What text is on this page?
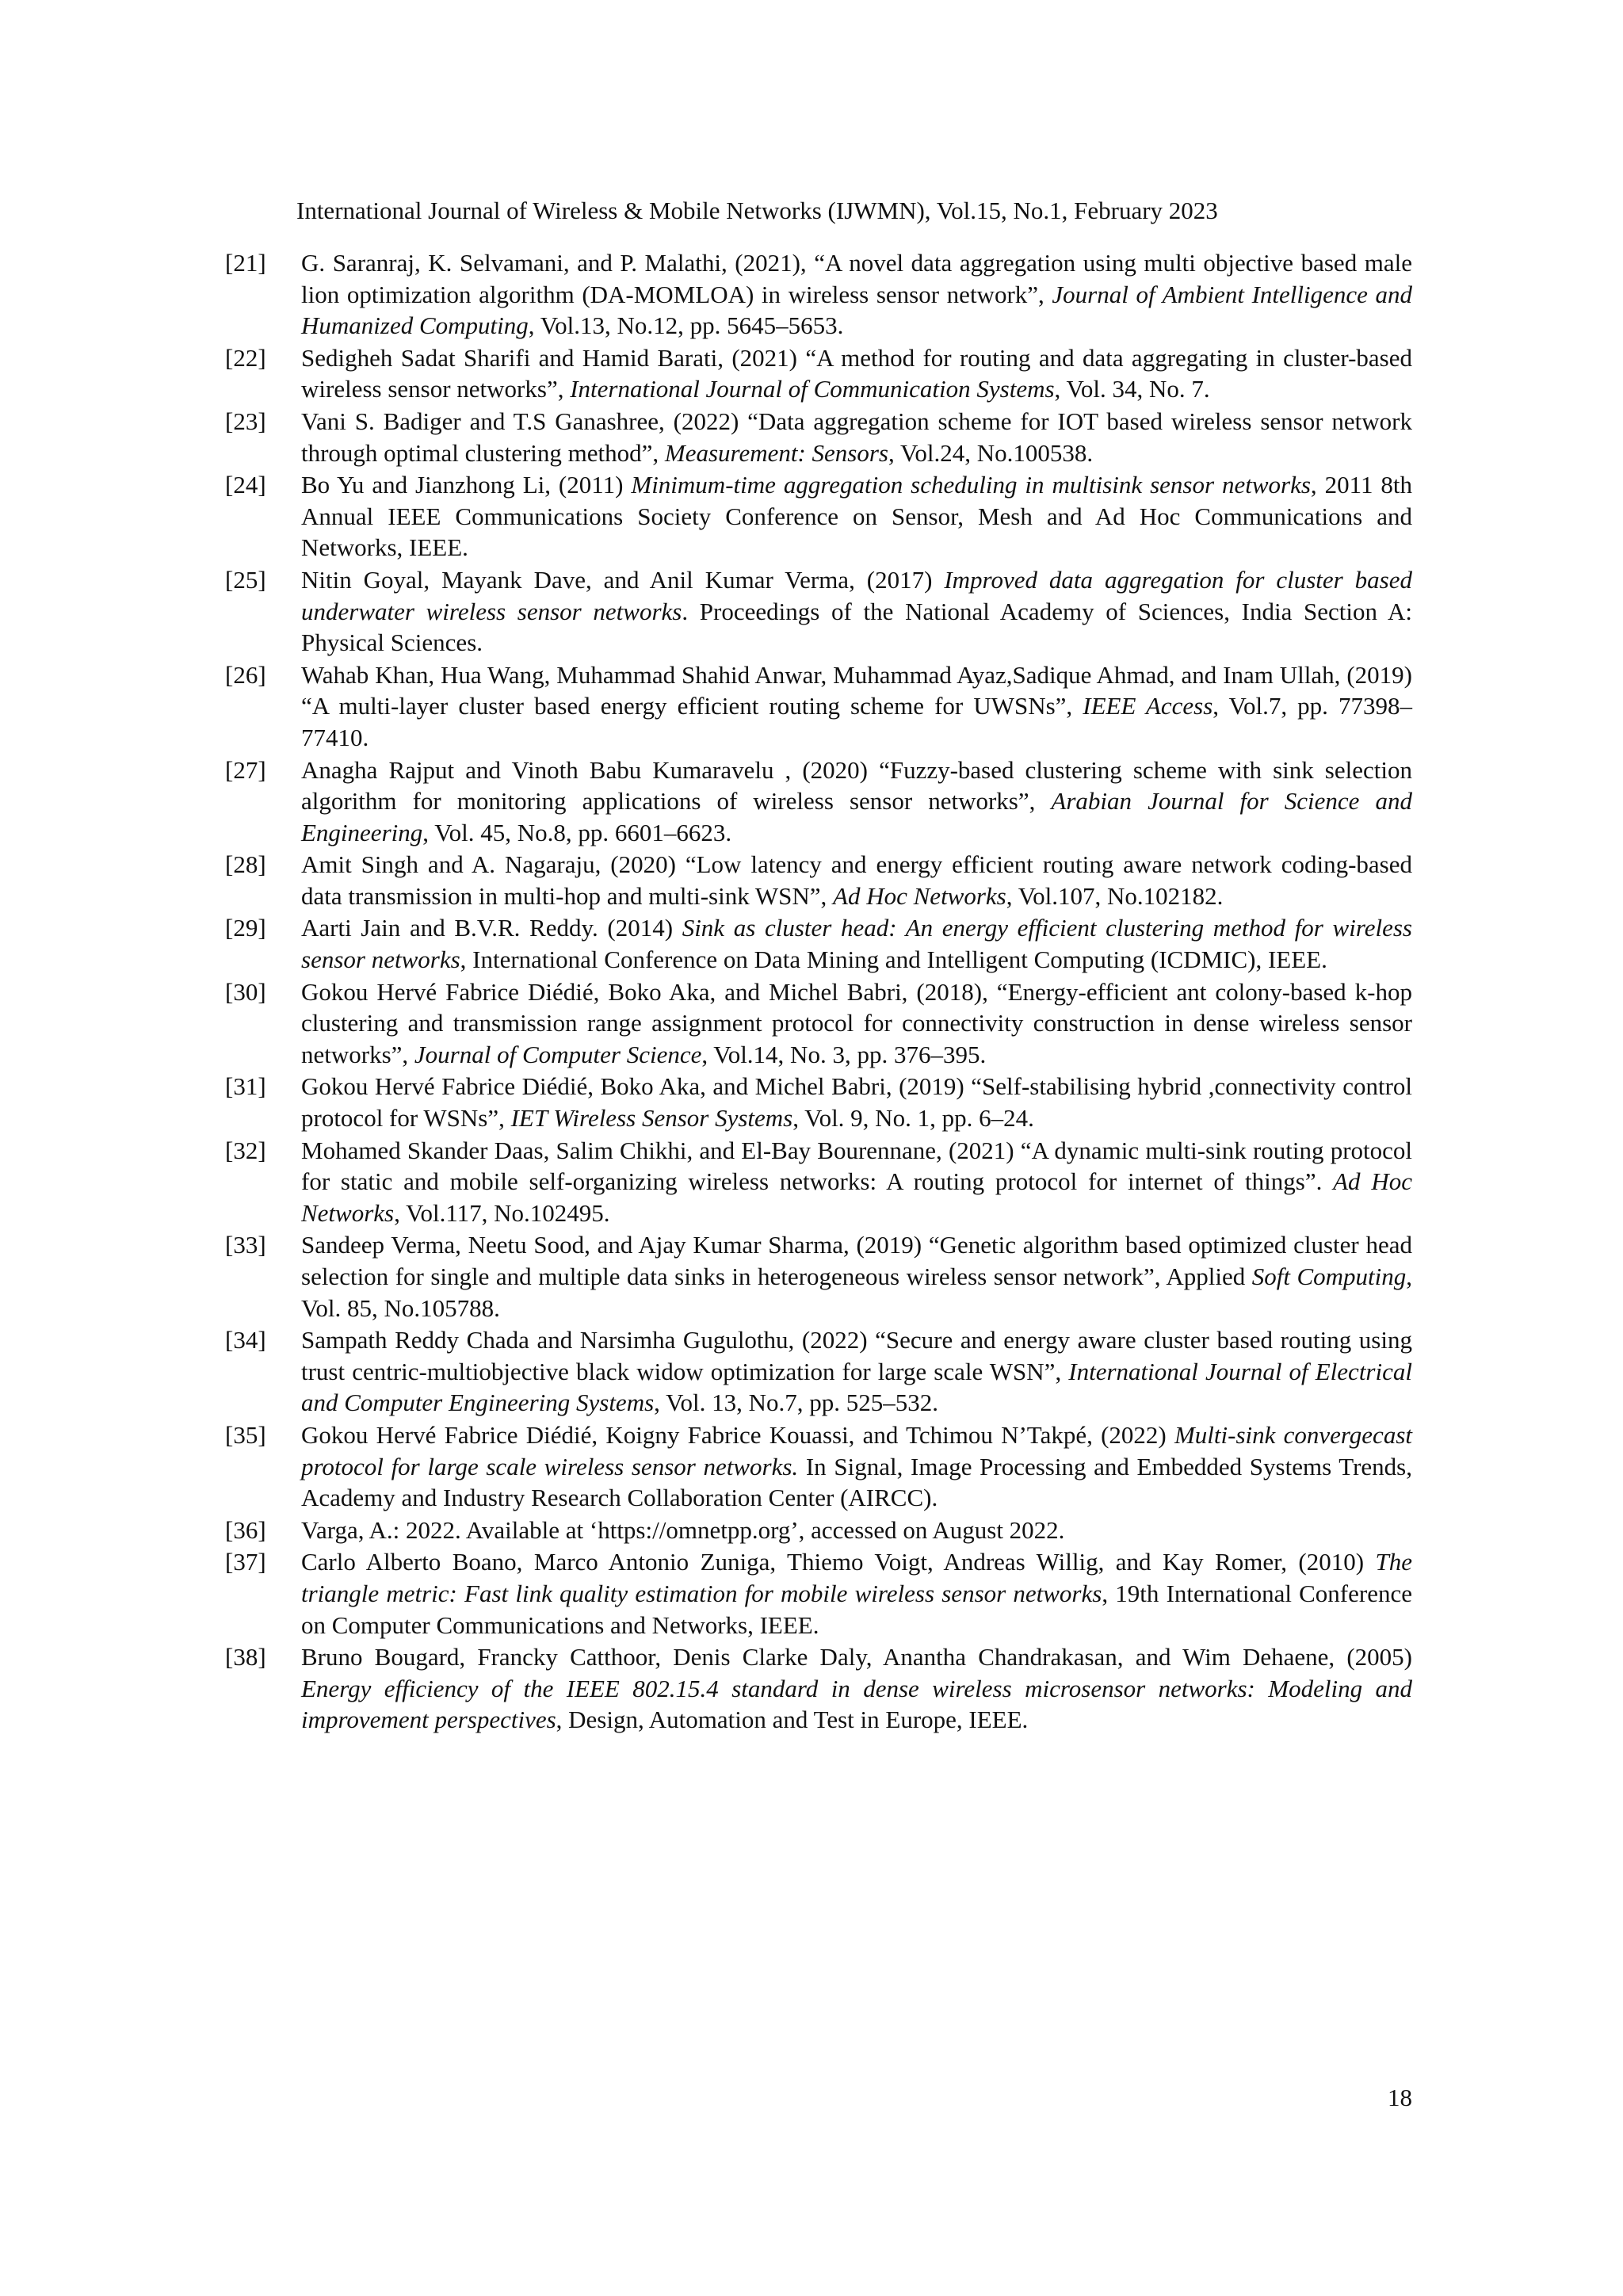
International Journal of Wireless & Mobile Networks (IJWMN), Vol.15, No.1, February 2023
[21]	G. Saranraj, K. Selvamani, and P. Malathi, (2021), “A novel data aggregation using multi objective based male lion optimization algorithm (DA-MOMLOA) in wireless sensor network”, Journal of Ambient Intelligence and Humanized Computing, Vol.13, No.12, pp. 5645–5653.
[22]	Sedigheh Sadat Sharifi and Hamid Barati, (2021) “A method for routing and data aggregating in cluster-based wireless sensor networks”, International Journal of Communication Systems, Vol. 34, No. 7.
[23]	Vani S. Badiger and T.S Ganashree, (2022) “Data aggregation scheme for IOT based wireless sensor network through optimal clustering method”, Measurement: Sensors, Vol.24, No.100538.
[24]	Bo Yu and Jianzhong Li, (2011) Minimum-time aggregation scheduling in multisink sensor networks, 2011 8th Annual IEEE Communications Society Conference on Sensor, Mesh and Ad Hoc Communications and Networks, IEEE.
[25]	Nitin Goyal, Mayank Dave, and Anil Kumar Verma, (2017) Improved data aggregation for cluster based underwater wireless sensor networks. Proceedings of the National Academy of Sciences, India Section A: Physical Sciences.
[26]	Wahab Khan, Hua Wang, Muhammad Shahid Anwar, Muhammad Ayaz,Sadique Ahmad, and Inam Ullah, (2019) “A multi-layer cluster based energy efficient routing scheme for UWSNs”, IEEE Access, Vol.7, pp. 77398–77410.
[27]	Anagha Rajput and Vinoth Babu Kumaravelu , (2020) “Fuzzy-based clustering scheme with sink selection algorithm for monitoring applications of wireless sensor networks”, Arabian Journal for Science and Engineering, Vol. 45, No.8, pp. 6601–6623.
[28]	Amit Singh and A. Nagaraju, (2020) “Low latency and energy efficient routing aware network coding-based data transmission in multi-hop and multi-sink WSN”, Ad Hoc Networks, Vol.107, No.102182.
[29]	Aarti Jain and B.V.R. Reddy. (2014) Sink as cluster head: An energy efficient clustering method for wireless sensor networks, International Conference on Data Mining and Intelligent Computing (ICDMIC), IEEE.
[30]	Gokou Hervé Fabrice Diédié, Boko Aka, and Michel Babri, (2018), “Energy-efficient ant colony-based k-hop clustering and transmission range assignment protocol for connectivity construction in dense wireless sensor networks”, Journal of Computer Science, Vol.14, No. 3, pp. 376–395.
[31]	Gokou Hervé Fabrice Diédié, Boko Aka, and Michel Babri, (2019) “Self-stabilising hybrid ,connectivity control protocol for WSNs”, IET Wireless Sensor Systems, Vol. 9, No. 1, pp. 6–24.
[32]	Mohamed Skander Daas, Salim Chikhi, and El-Bay Bourennane, (2021) “A dynamic multi-sink routing protocol for static and mobile self-organizing wireless networks: A routing protocol for internet of things”. Ad Hoc Networks, Vol.117, No.102495.
[33]	Sandeep Verma, Neetu Sood, and Ajay Kumar Sharma, (2019) “Genetic algorithm based optimized cluster head selection for single and multiple data sinks in heterogeneous wireless sensor network”, Applied Soft Computing, Vol. 85, No.105788.
[34]	Sampath Reddy Chada and Narsimha Gugulothu, (2022) “Secure and energy aware cluster based routing using trust centric-multiobjective black widow optimization for large scale WSN”, International Journal of Electrical and Computer Engineering Systems, Vol. 13, No.7, pp. 525–532.
[35]	Gokou Hervé Fabrice Diédié, Koigny Fabrice Kouassi, and Tchimou N’Takpé, (2022) Multi-sink convergecast protocol for large scale wireless sensor networks. In Signal, Image Processing and Embedded Systems Trends, Academy and Industry Research Collaboration Center (AIRCC).
[36]	Varga, A.: 2022. Available at ‘https://omnetpp.org’, accessed on August 2022.
[37]	Carlo Alberto Boano, Marco Antonio Zuniga, Thiemo Voigt, Andreas Willig, and Kay Romer, (2010) The triangle metric: Fast link quality estimation for mobile wireless sensor networks, 19th International Conference on Computer Communications and Networks, IEEE.
[38]	Bruno Bougard, Francky Catthoor, Denis Clarke Daly, Anantha Chandrakasan, and Wim Dehaene, (2005) Energy efficiency of the IEEE 802.15.4 standard in dense wireless microsensor networks: Modeling and improvement perspectives, Design, Automation and Test in Europe, IEEE.
18
